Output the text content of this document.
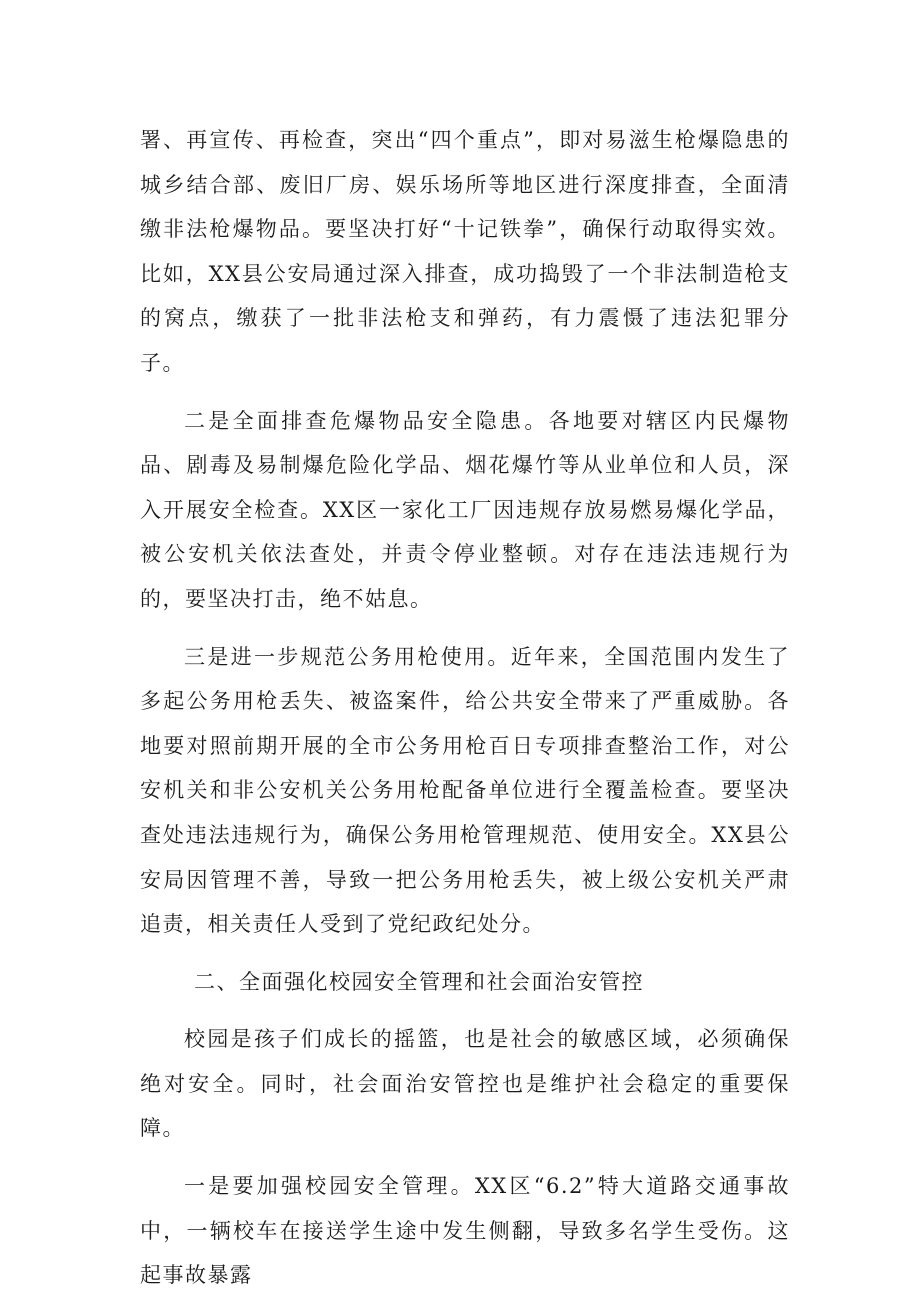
署、再宣传、再检查，突出“四个重点”，即对易滋生枪爆隐患的城乡结合部、废旧厂房、娱乐场所等地区进行深度排查，全面清缴非法枪爆物品。要坚决打好“十记铁拳”，确保行动取得实效。比如，XX县公安局通过深入排查，成功捣毁了一个非法制造枪支的窝点，缴获了一批非法枪支和弹药，有力震慑了违法犯罪分子。

二是全面排查危爆物品安全隐患。各地要对辖区内民爆物品、剧毒及易制爆危险化学品、烟花爆竹等从业单位和人员，深入开展安全检查。XX区一家化工厂因违规存放易燃易爆化学品，被公安机关依法查处，并责令停业整顿。对存在违法违规行为的，要坚决打击，绝不姑息。

三是进一步规范公务用枪使用。近年来，全国范围内发生了多起公务用枪丢失、被盗案件，给公共安全带来了严重威胁。各地要对照前期开展的全市公务用枪百日专项排查整治工作，对公安机关和非公安机关公务用枪配备单位进行全覆盖检查。要坚决查处违法违规行为，确保公务用枪管理规范、使用安全。XX县公安局因管理不善，导致一把公务用枪丢失，被上级公安机关严肃追责，相关责任人受到了党纪政纪处分。

二、全面强化校园安全管理和社会面治安管控

校园是孩子们成长的摇篮，也是社会的敏感区域，必须确保绝对安全。同时，社会面治安管控也是维护社会稳定的重要保障。

一是要加强校园安全管理。XX区“6.2”特大道路交通事故中，一辆校车在接送学生途中发生侧翻，导致多名学生受伤。这起事故暴露
